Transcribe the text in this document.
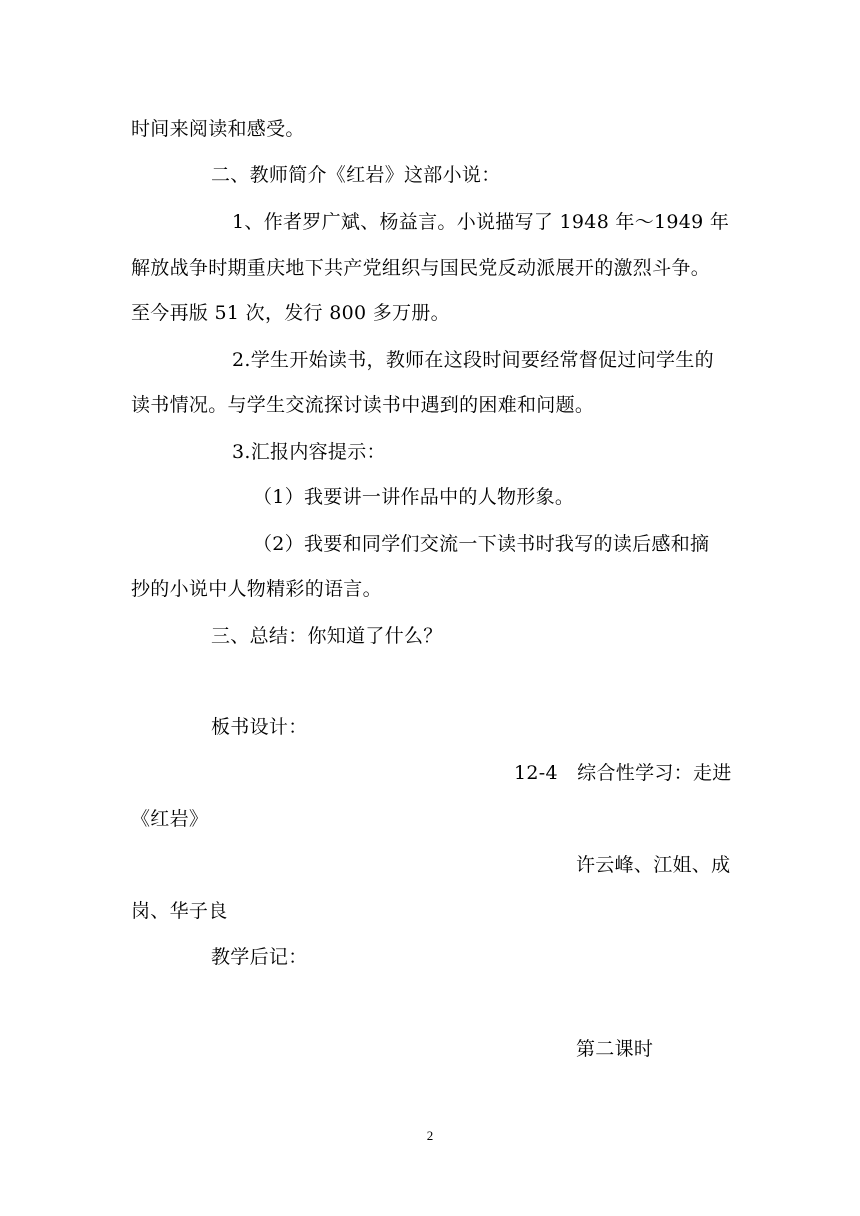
时间来阅读和感受。
二、教师简介《红岩》这部小说：
1、作者罗广斌、杨益言。小说描写了 1948 年～1949 年
解放战争时期重庆地下共产党组织与国民党反动派展开的激烈斗争。
至今再版 51 次，发行 800 多万册。
2.学生开始读书，教师在这段时间要经常督促过问学生的
读书情况。与学生交流探讨读书中遇到的困难和问题。
3.汇报内容提示：
（1）我要讲一讲作品中的人物形象。
（2）我要和同学们交流一下读书时我写的读后感和摘
抄的小说中人物精彩的语言。
三、总结：你知道了什么？
板书设计：
12-4　综合性学习：走进
《红岩》
许云峰、江姐、成
岗、华子良
教学后记：
第二课时
2
